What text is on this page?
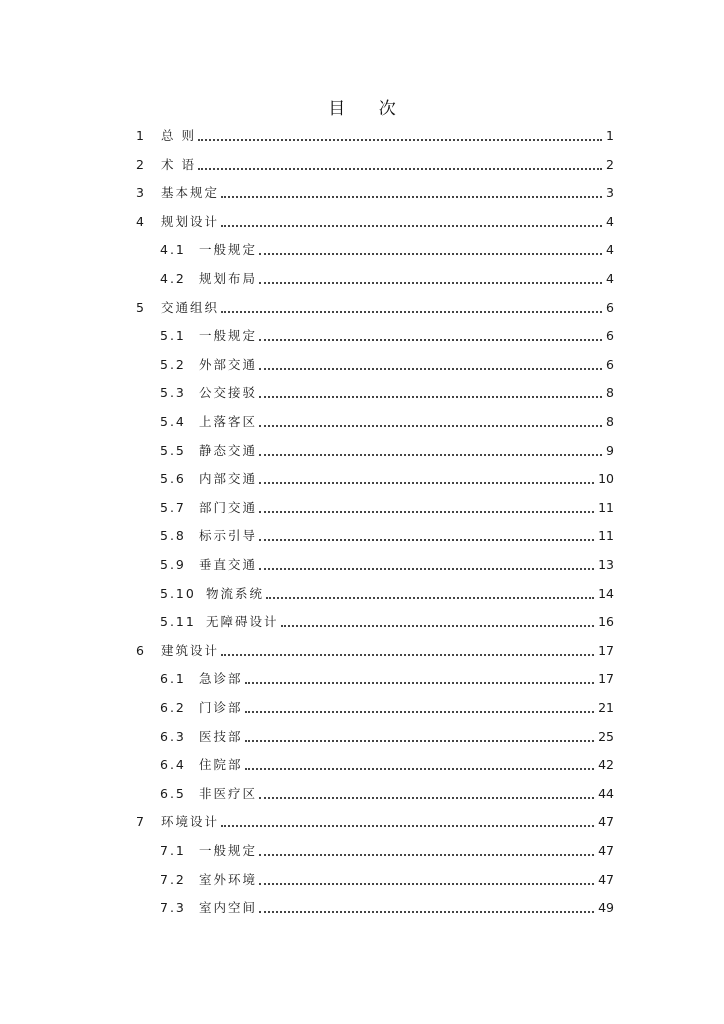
目 次
1 总 则	1
2 术 语	2
3 基本规定	3
4 规划设计	4
4.1 一般规定	4
4.2 规划布局	4
5 交通组织	6
5.1 一般规定	6
5.2 外部交通	6
5.3 公交接驳	8
5.4 上落客区	8
5.5 静态交通	9
5.6 内部交通	10
5.7 部门交通	11
5.8 标示引导	11
5.9 垂直交通	13
5.10 物流系统	14
5.11 无障碍设计	16
6 建筑设计	17
6.1 急诊部	17
6.2 门诊部	21
6.3 医技部	25
6.4 住院部	42
6.5 非医疗区	44
7 环境设计	47
7.1 一般规定	47
7.2 室外环境	47
7.3 室内空间	49
